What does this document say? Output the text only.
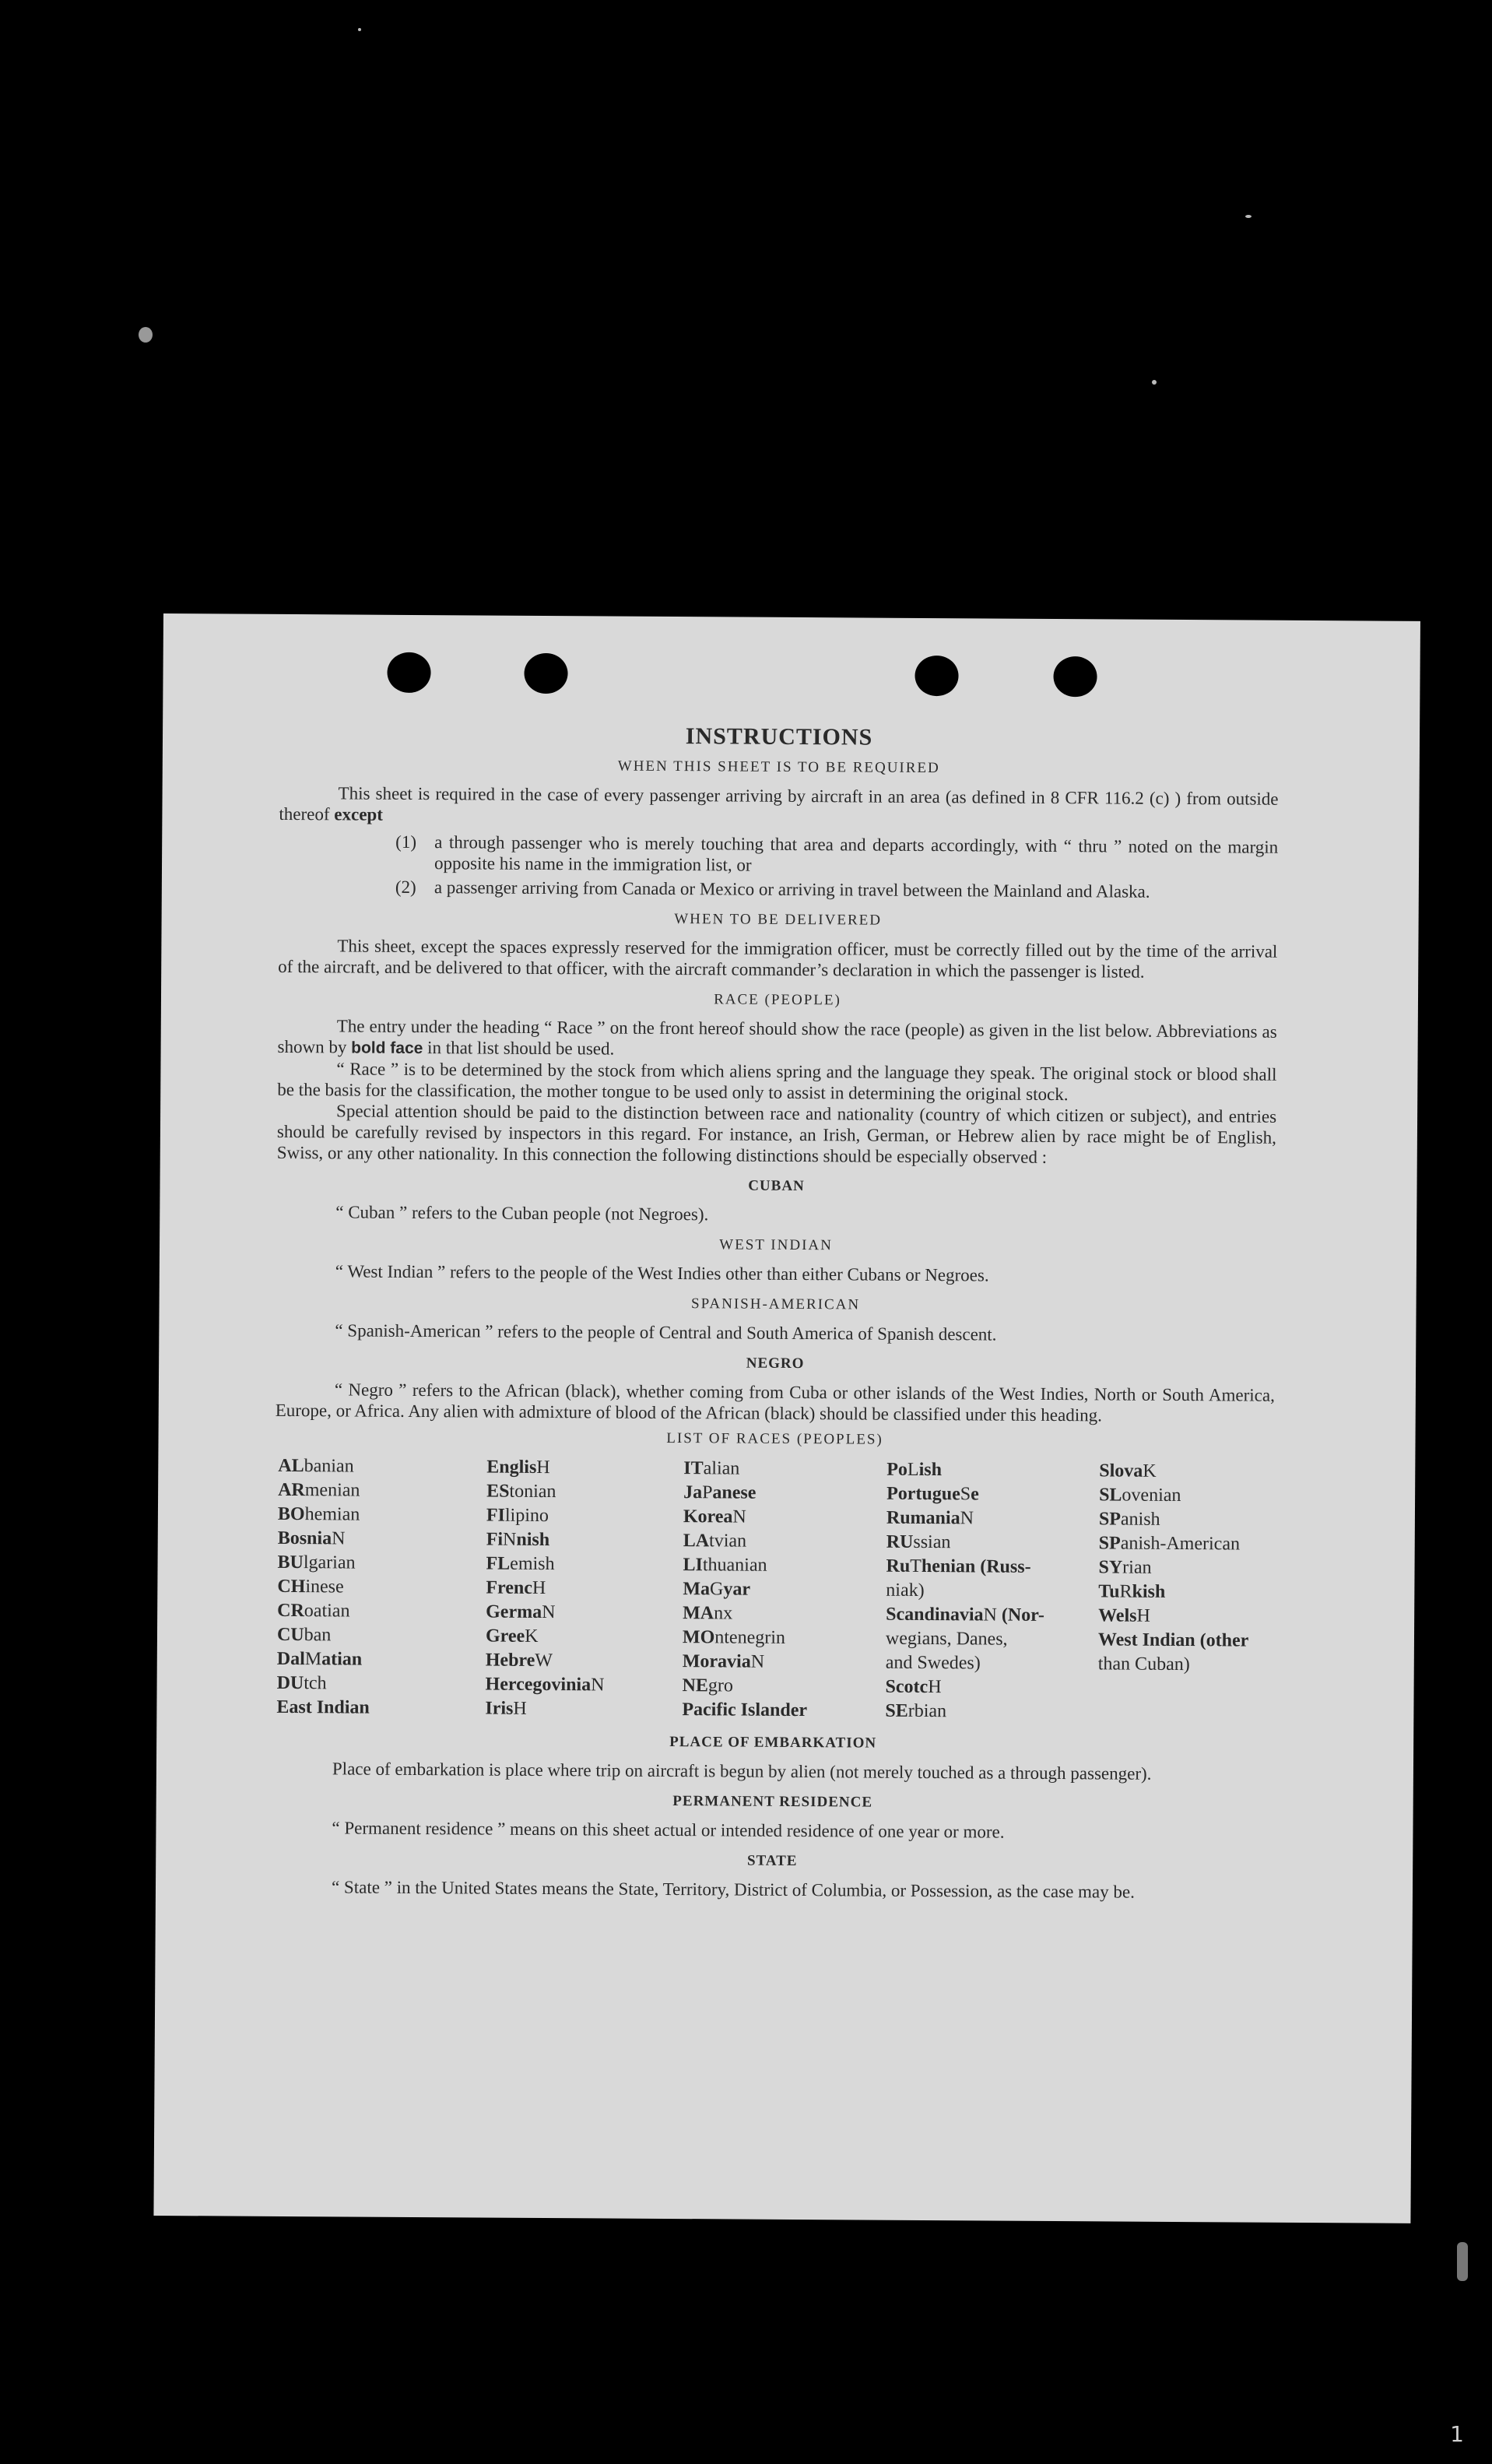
INSTRUCTIONS
WHEN THIS SHEET IS TO BE REQUIRED

This sheet is required in the case of every passenger arriving by aircraft in an area (as defined in 8 CFR 116.2 (c) ) from outside thereof except

(1)	a through passenger who is merely touching that area and departs accordingly, with “ thru ” noted on the margin opposite his name in the immigration list, or
(2)	a passenger arriving from Canada or Mexico or arriving in travel between the Mainland and Alaska.
WHEN TO BE DELIVERED

This sheet, except the spaces expressly reserved for the immigration officer, must be correctly filled out by the time of the arrival of the aircraft, and be delivered to that officer, with the aircraft commander’s declaration in which the passenger is listed.

RACE (PEOPLE)

The entry under the heading “ Race ” on the front hereof should show the race (people) as given in the list below. Abbreviations as shown by bold face in that list should be used.

“ Race ” is to be determined by the stock from which aliens spring and the language they speak. The original stock or blood shall be the basis for the classification, the mother tongue to be used only to assist in determining the original stock.

Special attention should be paid to the distinction between race and nationality (country of which citizen or subject), and entries should be carefully revised by inspectors in this regard. For instance, an Irish, German, or Hebrew alien by race might be of English, Swiss, or any other nationality. In this connection the following distinctions should be especially observed :

CUBAN

“ Cuban ” refers to the Cuban people (not Negroes).

WEST INDIAN

“ West Indian ” refers to the people of the West Indies other than either Cubans or Negroes.

SPANISH-AMERICAN

“ Spanish-American ” refers to the people of Central and South America of Spanish descent.

NEGRO

“ Negro ” refers to the African (black), whether coming from Cuba or other islands of the West Indies, North or South America, Europe, or Africa. Any alien with admixture of blood of the African (black) should be classified under this heading.

LIST OF RACES (PEOPLES)
ALbanian
ARmenian
BOhemian
BosniaN
BUlgarian
CHinese
CRoatian
CUban
DalMatian
DUtch
East Indian
EnglisH
EStonian
FIlipino
FiNnish
FLemish
FrencH
GermaN
GreeK
HebreW
HercegoviniaN
IrisH
ITalian
JaPanese
KoreaN
LAtvian
LIthuanian
MaGyar
MAnx
MOntenegrin
MoraviaN
NEgro
Pacific Islander
PoLish
PortugueSe
RumaniaN
RUssian
RuThenian (Russ-
niak)
ScandinaviaN (Nor-
wegians, Danes,
and Swedes)
ScotcH
SErbian
SlovaK
SLovenian
SPanish
SPanish-American
SYrian
TuRkish
WelsH
West Indian (other
than Cuban)
PLACE OF EMBARKATION

Place of embarkation is place where trip on aircraft is begun by alien (not merely touched as a through passenger).

PERMANENT RESIDENCE

“ Permanent residence ” means on this sheet actual or intended residence of one year or more.

STATE

“ State ” in the United States means the State, Territory, District of Columbia, or Possession, as the case may be.

1
